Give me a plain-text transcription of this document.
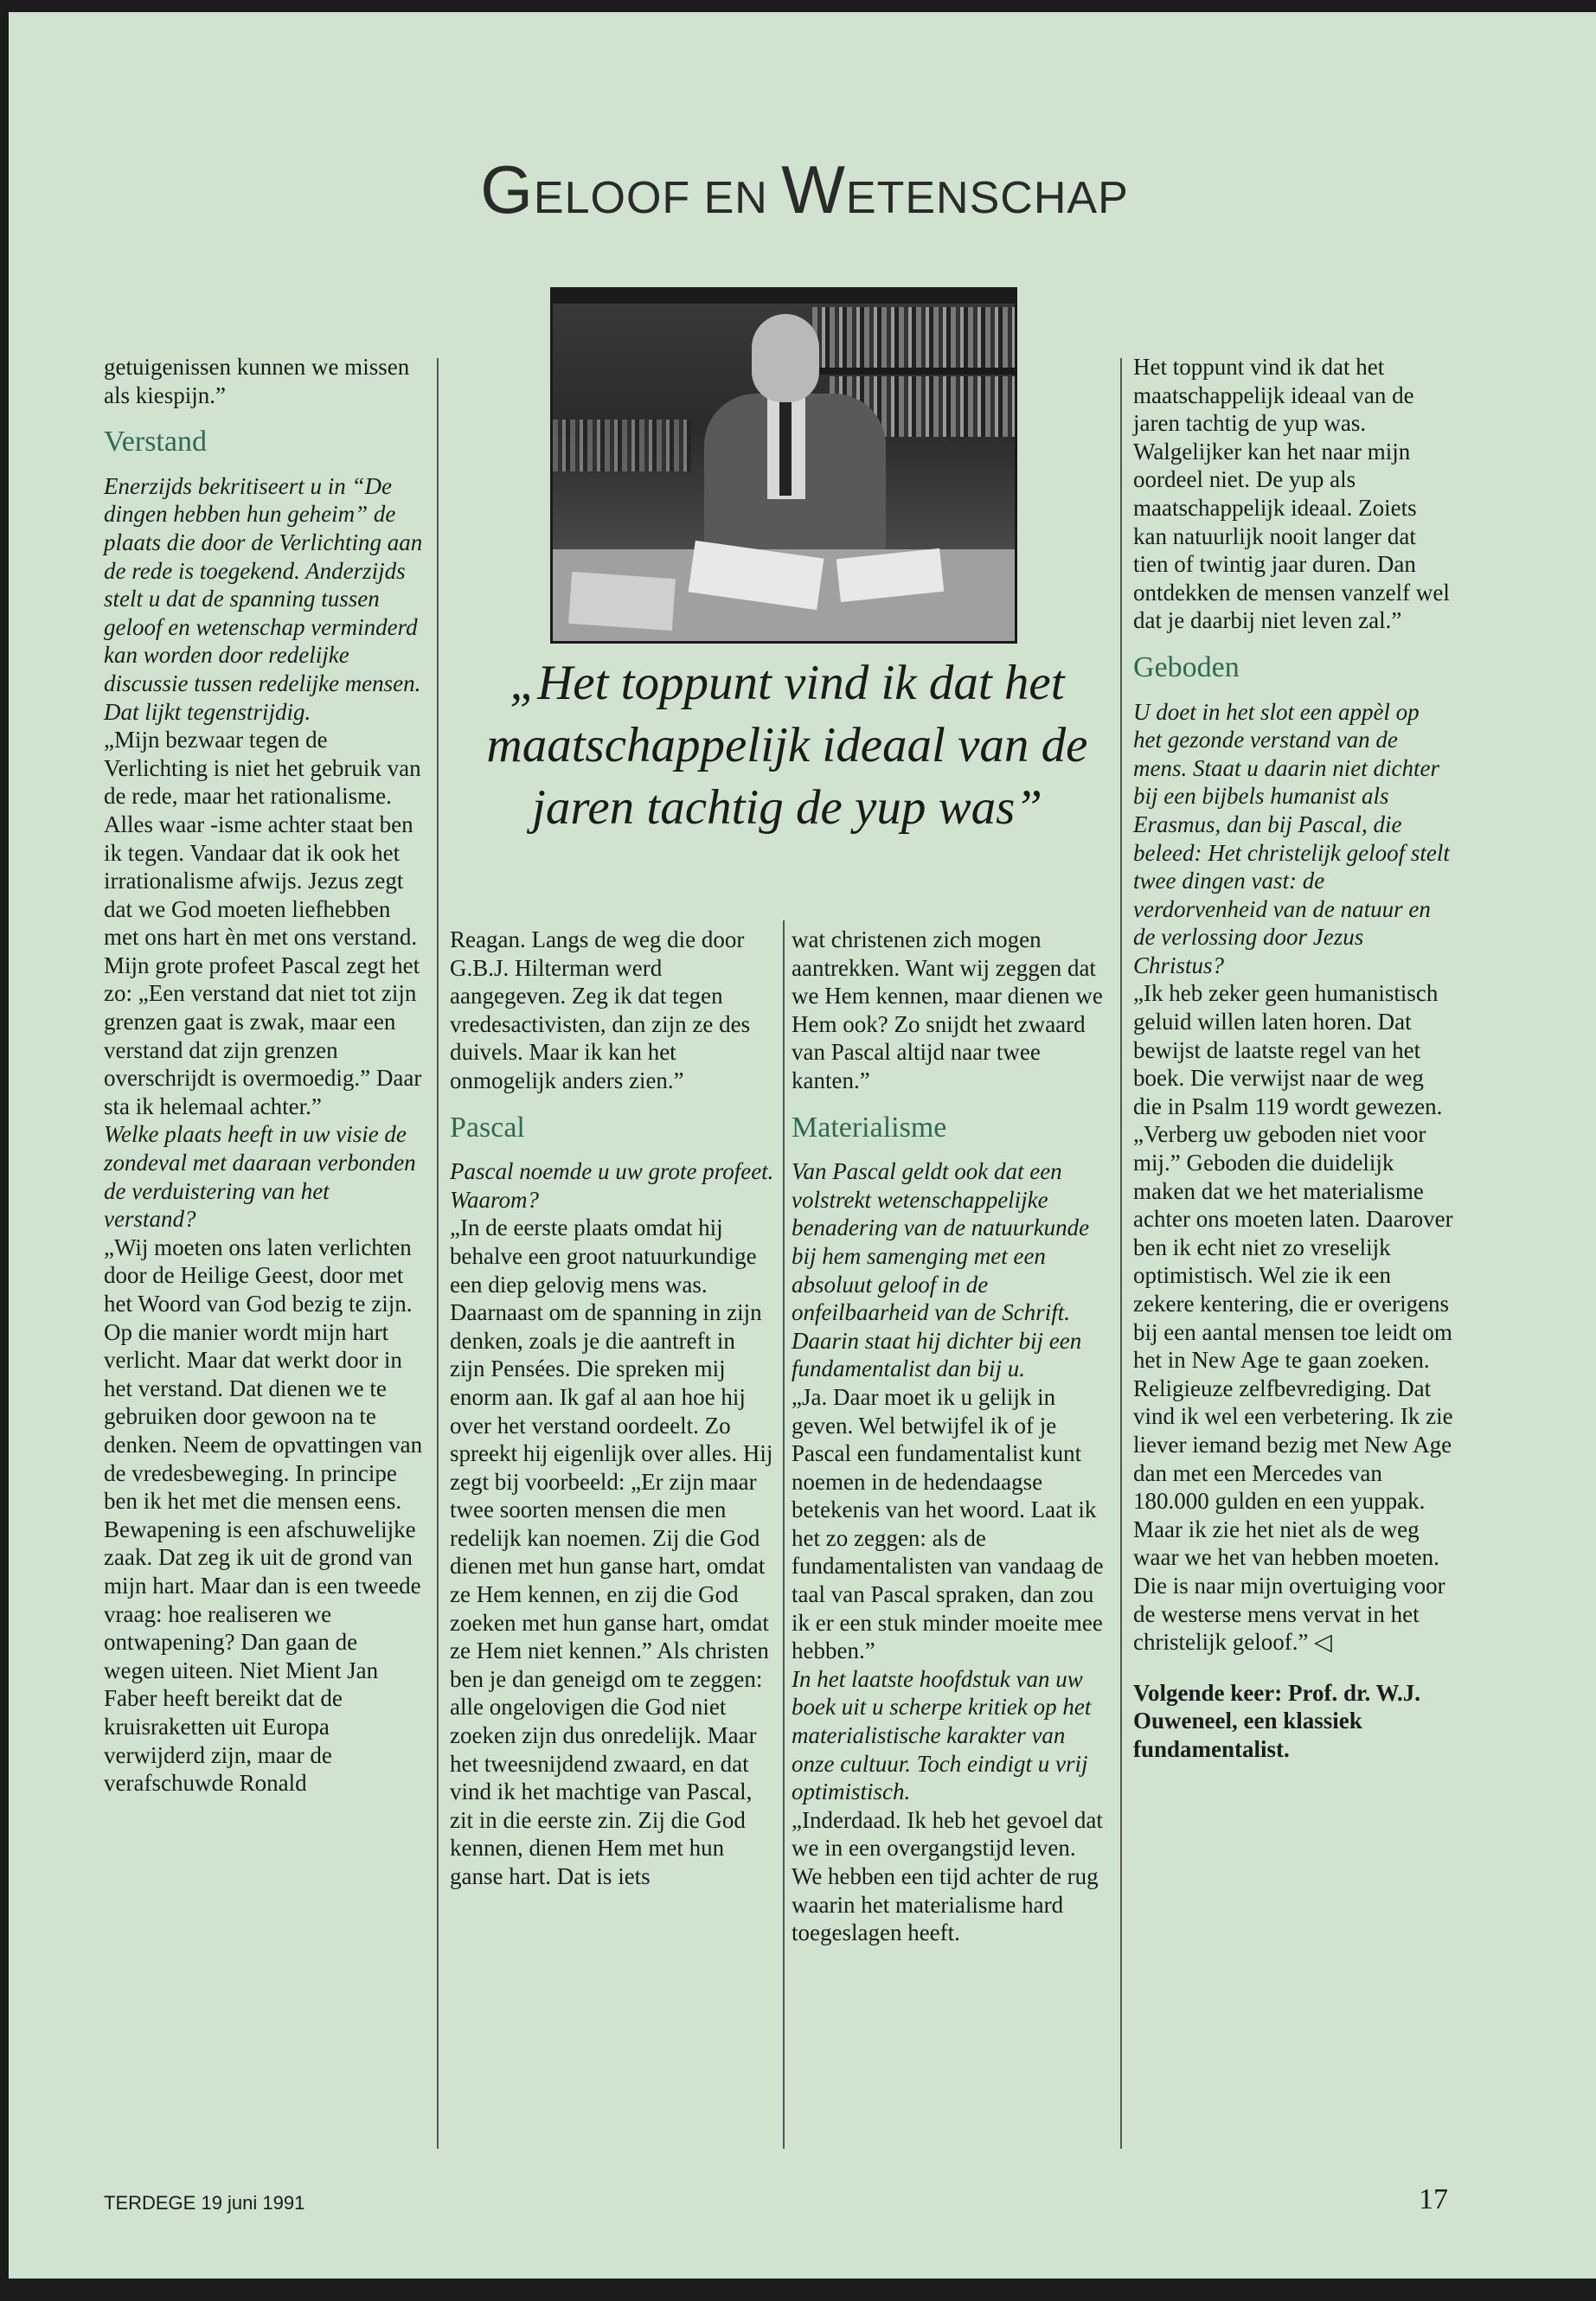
GELOOF EN WETENSCHAP
„Het toppunt vind ik dat het maatschappelijk ideaal van de jaren tachtig de yup was”

getuigenissen kunnen we missen als kiespijn.”

Verstand

Enerzijds bekritiseert u in “De dingen hebben hun geheim” de plaats die door de Verlichting aan de rede is toegekend. Anderzijds stelt u dat de spanning tussen geloof en wetenschap verminderd kan worden door redelijke discussie tussen redelijke mensen. Dat lijkt tegenstrijdig.

„Mijn bezwaar tegen de Verlichting is niet het gebruik van de rede, maar het rationalisme. Alles waar -isme achter staat ben ik tegen. Vandaar dat ik ook het irrationalisme afwijs. Jezus zegt dat we God moeten liefhebben met ons hart èn met ons verstand. Mijn grote profeet Pascal zegt het zo: „Een verstand dat niet tot zijn grenzen gaat is zwak, maar een verstand dat zijn grenzen overschrijdt is overmoedig.” Daar sta ik helemaal achter.”

Welke plaats heeft in uw visie de zondeval met daaraan verbonden de verduistering van het verstand?

„Wij moeten ons laten verlichten door de Heilige Geest, door met het Woord van God bezig te zijn. Op die manier wordt mijn hart verlicht. Maar dat werkt door in het verstand. Dat dienen we te gebruiken door gewoon na te denken. Neem de opvattingen van de vredesbeweging. In principe ben ik het met die mensen eens. Bewapening is een afschuwelijke zaak. Dat zeg ik uit de grond van mijn hart. Maar dan is een tweede vraag: hoe realiseren we ontwapening? Dan gaan de wegen uiteen. Niet Mient Jan Faber heeft bereikt dat de kruisraketten uit Europa verwijderd zijn, maar de verafschuwde Ronald

Reagan. Langs de weg die door G.B.J. Hilterman werd aangegeven. Zeg ik dat tegen vredesactivisten, dan zijn ze des duivels. Maar ik kan het onmogelijk anders zien.”

Pascal

Pascal noemde u uw grote profeet. Waarom?

„In de eerste plaats omdat hij behalve een groot natuurkundige een diep gelovig mens was. Daarnaast om de spanning in zijn denken, zoals je die aantreft in zijn Pensées. Die spreken mij enorm aan. Ik gaf al aan hoe hij over het verstand oordeelt. Zo spreekt hij eigenlijk over alles. Hij zegt bij voorbeeld: „Er zijn maar twee soorten mensen die men redelijk kan noemen. Zij die God dienen met hun ganse hart, omdat ze Hem kennen, en zij die God zoeken met hun ganse hart, omdat ze Hem niet kennen.” Als christen ben je dan geneigd om te zeggen: alle ongelovigen die God niet zoeken zijn dus onredelijk. Maar het tweesnijdend zwaard, en dat vind ik het machtige van Pascal, zit in die eerste zin. Zij die God kennen, dienen Hem met hun ganse hart. Dat is iets

wat christenen zich mogen aantrekken. Want wij zeggen dat we Hem kennen, maar dienen we Hem ook? Zo snijdt het zwaard van Pascal altijd naar twee kanten.”

Materialisme

Van Pascal geldt ook dat een volstrekt wetenschappelijke benadering van de natuurkunde bij hem samenging met een absoluut geloof in de onfeilbaarheid van de Schrift. Daarin staat hij dichter bij een fundamentalist dan bij u.

„Ja. Daar moet ik u gelijk in geven. Wel betwijfel ik of je Pascal een fundamentalist kunt noemen in de hedendaagse betekenis van het woord. Laat ik het zo zeggen: als de fundamentalisten van vandaag de taal van Pascal spraken, dan zou ik er een stuk minder moeite mee hebben.”

In het laatste hoofdstuk van uw boek uit u scherpe kritiek op het materialistische karakter van onze cultuur. Toch eindigt u vrij optimistisch.

„Inderdaad. Ik heb het gevoel dat we in een overgangstijd leven. We hebben een tijd achter de rug waarin het materialisme hard toegeslagen heeft.

Het toppunt vind ik dat het maatschappelijk ideaal van de jaren tachtig de yup was. Walgelijker kan het naar mijn oordeel niet. De yup als maatschappelijk ideaal. Zoiets kan natuurlijk nooit langer dat tien of twintig jaar duren. Dan ontdekken de mensen vanzelf wel dat je daarbij niet leven zal.”

Geboden

U doet in het slot een appèl op het gezonde verstand van de mens. Staat u daarin niet dichter bij een bijbels humanist als Erasmus, dan bij Pascal, die beleed: Het christelijk geloof stelt twee dingen vast: de verdorvenheid van de natuur en de verlossing door Jezus Christus?

„Ik heb zeker geen humanistisch geluid willen laten horen. Dat bewijst de laatste regel van het boek. Die verwijst naar de weg die in Psalm 119 wordt gewezen. „Verberg uw geboden niet voor mij.” Geboden die duidelijk maken dat we het materialisme achter ons moeten laten. Daarover ben ik echt niet zo vreselijk optimistisch. Wel zie ik een zekere kentering, die er overigens bij een aantal mensen toe leidt om het in New Age te gaan zoeken. Religieuze zelfbevrediging. Dat vind ik wel een verbetering. Ik zie liever iemand bezig met New Age dan met een Mercedes van 180.000 gulden en een yuppak. Maar ik zie het niet als de weg waar we het van hebben moeten. Die is naar mijn overtuiging voor de westerse mens vervat in het christelijk geloof.” ◁

Volgende keer: Prof. dr. W.J. Ouweneel, een klassiek fundamentalist.

TERDEGE 19 juni 1991	17
